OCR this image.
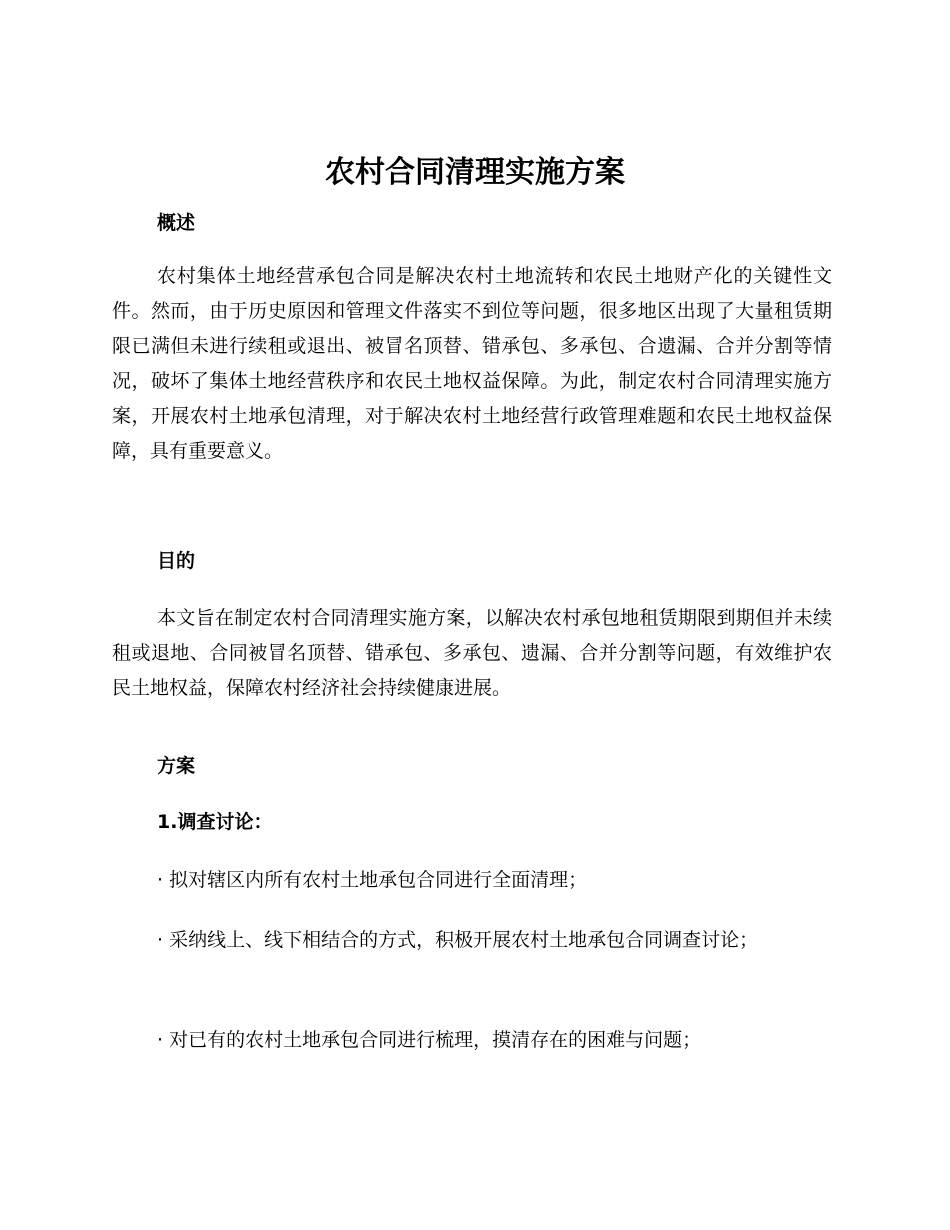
农村合同清理实施方案
概述

农村集体土地经营承包合同是解决农村土地流转和农民土地财产化的关键性文件。然而，由于历史原因和管理文件落实不到位等问题，很多地区出现了大量租赁期限已满但未进行续租或退出、被冒名顶替、错承包、多承包、合遗漏、合并分割等情况，破坏了集体土地经营秩序和农民土地权益保障。为此，制定农村合同清理实施方案，开展农村土地承包清理，对于解决农村土地经营行政管理难题和农民土地权益保障，具有重要意义。

目的

本文旨在制定农村合同清理实施方案，以解决农村承包地租赁期限到期但并未续租或退地、合同被冒名顶替、错承包、多承包、遗漏、合并分割等问题，有效维护农民土地权益，保障农村经济社会持续健康进展。

方案
1.调查讨论：

· 拟对辖区内所有农村土地承包合同进行全面清理；

· 采纳线上、线下相结合的方式，积极开展农村土地承包合同调查讨论；

· 对已有的农村土地承包合同进行梳理，摸清存在的困难与问题；
